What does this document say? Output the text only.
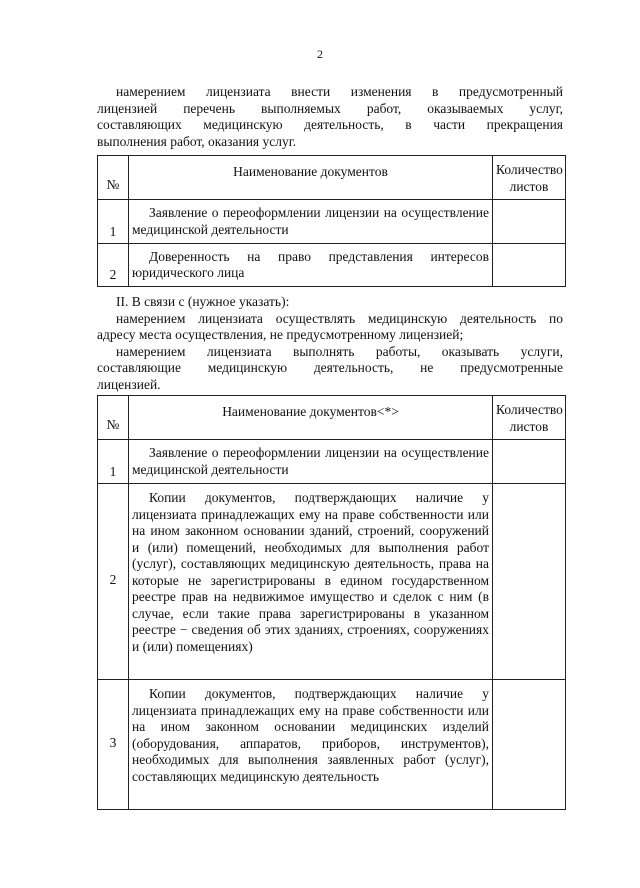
2

намерением лицензиата внести изменения в предусмотренный
лицензией перечень выполняемых работ, оказываемых услуг,
составляющих медицинскую деятельность, в части прекращения
выполнения работ, оказания услуг.

№	Наименование документов	Количество листов
1	Заявление о переоформлении лицензии на осуществление медицинской деятельности	
2	Доверенность на право представления интересов юридического лица	

II. В связи с (нужное указать):
намерением лицензиата осуществлять медицинскую деятельность по
адресу места осуществления, не предусмотренному лицензией;
намерением лицензиата выполнять работы, оказывать услуги,
составляющие медицинскую деятельность, не предусмотренные
лицензией.

№	Наименование документов<*>	Количество листов
1	Заявление о переоформлении лицензии на осуществление медицинской деятельности	
2	Копии документов, подтверждающих наличие у лицензиата принадлежащих ему на праве собственности или на ином законном основании зданий, строений, сооружений и (или) помещений, необходимых для выполнения работ (услуг), составляющих медицинскую деятельность, права на которые не зарегистрированы в едином государственном реестре прав на недвижимое имущество и сделок с ним (в случае, если такие права зарегистрированы в указанном реестре − сведения об этих зданиях, строениях, сооружениях и (или) помещениях)	
3	Копии документов, подтверждающих наличие у лицензиата принадлежащих ему на праве собственности или на ином законном основании медицинских изделий (оборудования, аппаратов, приборов, инструментов), необходимых для выполнения заявленных работ (услуг), составляющих медицинскую деятельность	
